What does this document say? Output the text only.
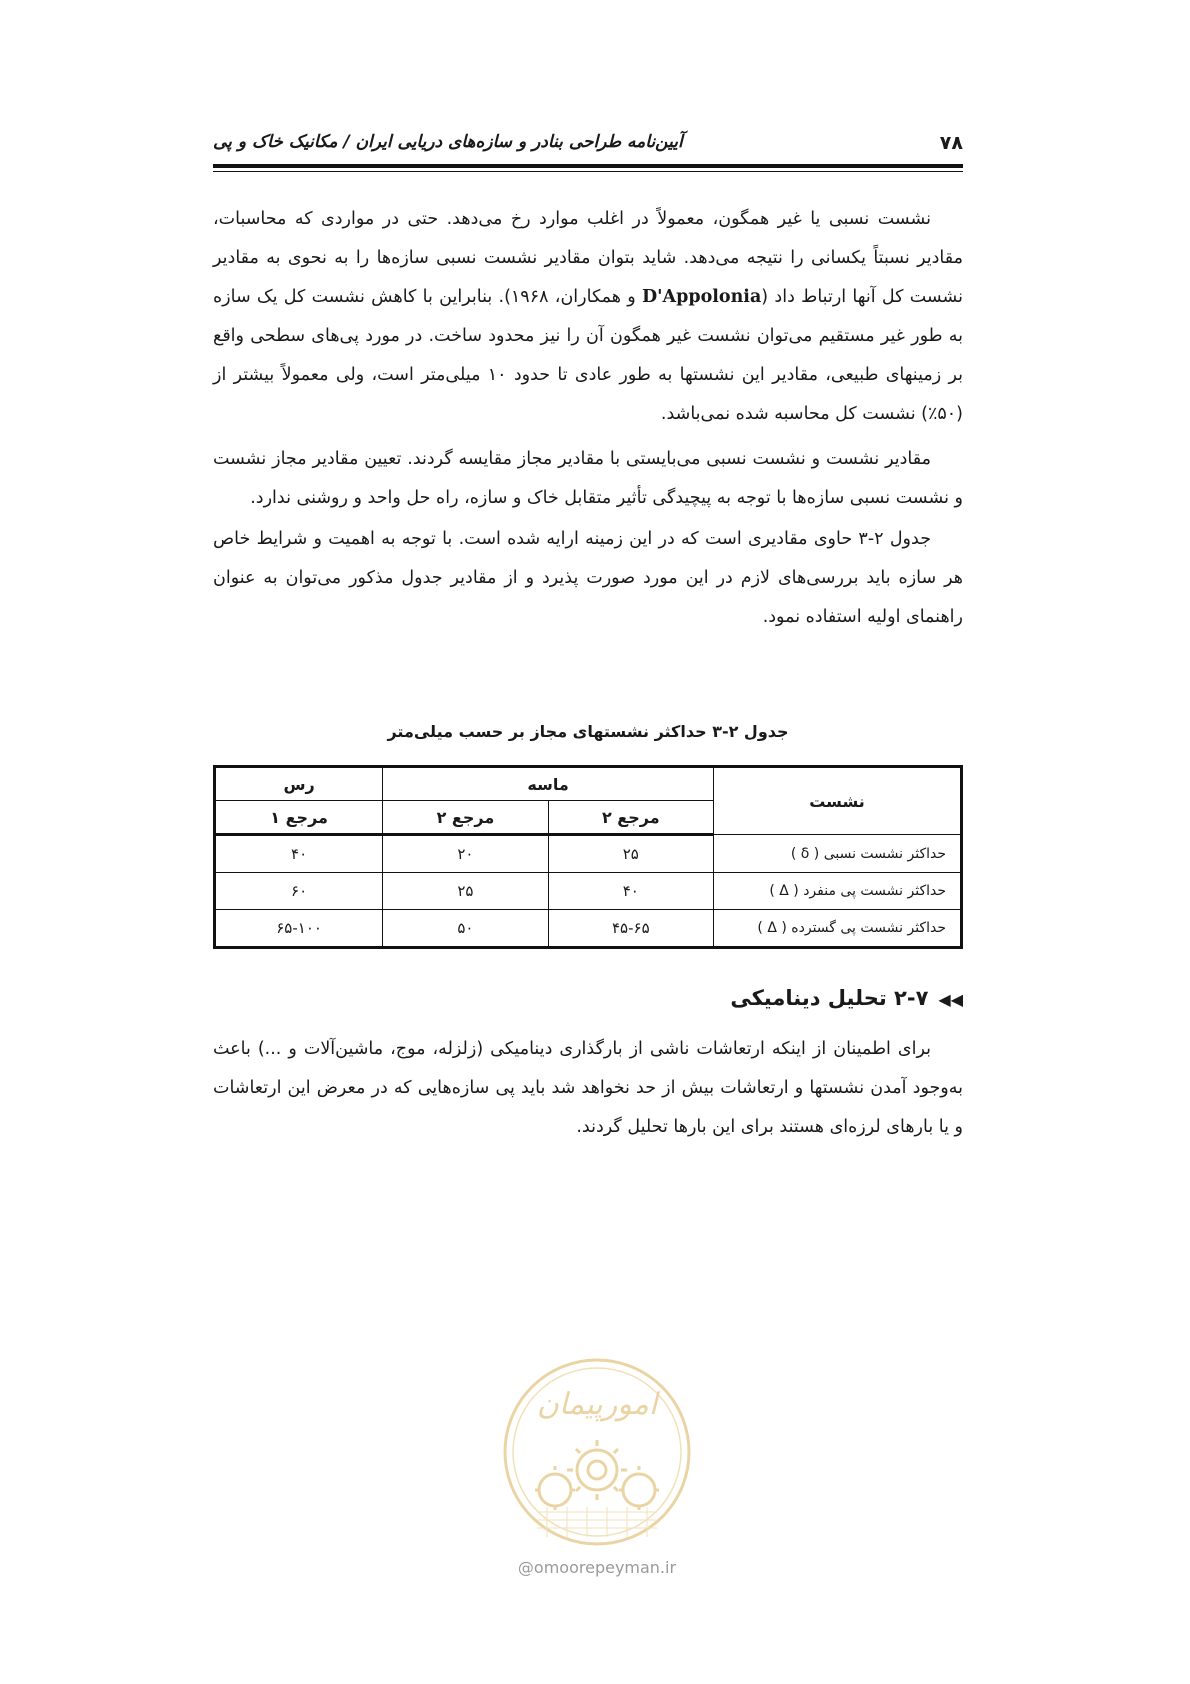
۷۸
آیین‌نامه طراحی بنادر و سازه‌های دریایی ایران / مکانیک خاک و پی

نشست نسبی یا غیر همگون، معمولاً در اغلب موارد رخ می‌دهد. حتی در مواردی که محاسبات، مقادیر نسبتاً یکسانی را نتیجه می‌دهد. شاید بتوان مقادیر نشست نسبی سازه‌ها را به نحوی به مقادیر نشست کل آنها ارتباط داد (D'Appolonia و همکاران، ۱۹۶۸). بنابراین با کاهش نشست کل یک سازه به طور غیر مستقیم می‌توان نشست غیر همگون آن را نیز محدود ساخت. در مورد پی‌های سطحی واقع بر زمینهای طبیعی، مقادیر این نشستها به طور عادی تا حدود ۱۰ میلی‌متر است، ولی معمولاً بیشتر از (۵۰٪) نشست کل محاسبه شده نمی‌باشد.

مقادیر نشست و نشست نسبی می‌بایستی با مقادیر مجاز مقایسه گردند. تعیین مقادیر مجاز نشست و نشست نسبی سازه‌ها با توجه به پیچیدگی تأثیر متقابل خاک و سازه، راه حل واحد و روشنی ندارد.

جدول ۲-۳ حاوی مقادیری است که در این زمینه ارایه شده است. با توجه به اهمیت و شرایط خاص هر سازه باید بررسی‌های لازم در این مورد صورت پذیرد و از مقادیر جدول مذکور می‌توان به عنوان راهنمای اولیه استفاده نمود.

جدول ۲-۳ حداکثر نشستهای مجاز بر حسب میلی‌متر
نشست	ماسه		رس
	مرجع ۲	مرجع ۲	مرجع ۱
حداکثر نشست نسبی ( δ )	۲۵	۲۰	۴۰
حداکثر نشست پی منفرد ( Δ )	۴۰	۲۵	۶۰
حداکثر نشست پی گسترده ( Δ )	۴۵-۶۵	۵۰	۶۵-۱۰۰
◀◀۲-۷ تحلیل دینامیکی

برای اطمینان از اینکه ارتعاشات ناشی از بارگذاری دینامیکی (زلزله، موج، ماشین‌آلات و ...) باعث به‌وجود آمدن نشستها و ارتعاشات بیش از حد نخواهد شد باید پی سازه‌هایی که در معرض این ارتعاشات و یا بارهای لرزه‌ای هستند برای این بارها تحلیل گردند.

امورپیمان
@omoorepeyman.ir
